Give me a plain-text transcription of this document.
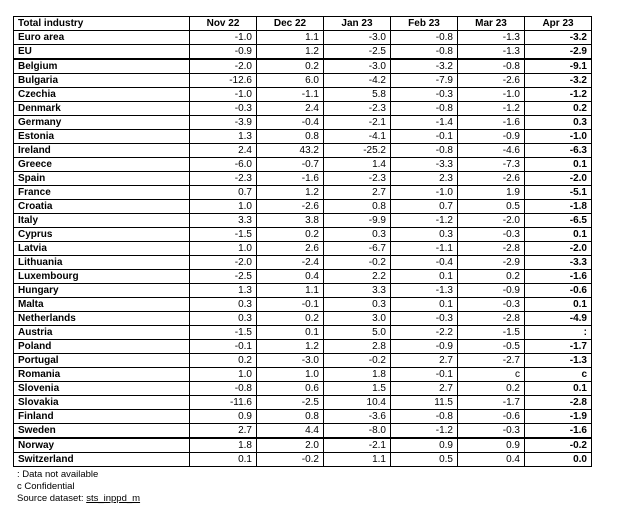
Total industry	Nov 22	Dec 22	Jan 23	Feb 23	Mar 23	Apr 23
Euro area	-1.0	1.1	-3.0	-0.8	-1.3	-3.2
EU	-0.9	1.2	-2.5	-0.8	-1.3	-2.9
Belgium	-2.0	0.2	-3.0	-3.2	-0.8	-9.1
Bulgaria	-12.6	6.0	-4.2	-7.9	-2.6	-3.2
Czechia	-1.0	-1.1	5.8	-0.3	-1.0	-1.2
Denmark	-0.3	2.4	-2.3	-0.8	-1.2	0.2
Germany	-3.9	-0.4	-2.1	-1.4	-1.6	0.3
Estonia	1.3	0.8	-4.1	-0.1	-0.9	-1.0
Ireland	2.4	43.2	-25.2	-0.8	-4.6	-6.3
Greece	-6.0	-0.7	1.4	-3.3	-7.3	0.1
Spain	-2.3	-1.6	-2.3	2.3	-2.6	-2.0
France	0.7	1.2	2.7	-1.0	1.9	-5.1
Croatia	1.0	-2.6	0.8	0.7	0.5	-1.8
Italy	3.3	3.8	-9.9	-1.2	-2.0	-6.5
Cyprus	-1.5	0.2	0.3	0.3	-0.3	0.1
Latvia	1.0	2.6	-6.7	-1.1	-2.8	-2.0
Lithuania	-2.0	-2.4	-0.2	-0.4	-2.9	-3.3
Luxembourg	-2.5	0.4	2.2	0.1	0.2	-1.6
Hungary	1.3	1.1	3.3	-1.3	-0.9	-0.6
Malta	0.3	-0.1	0.3	0.1	-0.3	0.1
Netherlands	0.3	0.2	3.0	-0.3	-2.8	-4.9
Austria	-1.5	0.1	5.0	-2.2	-1.5	:
Poland	-0.1	1.2	2.8	-0.9	-0.5	-1.7
Portugal	0.2	-3.0	-0.2	2.7	-2.7	-1.3
Romania	1.0	1.0	1.8	-0.1	c	c
Slovenia	-0.8	0.6	1.5	2.7	0.2	0.1
Slovakia	-11.6	-2.5	10.4	11.5	-1.7	-2.8
Finland	0.9	0.8	-3.6	-0.8	-0.6	-1.9
Sweden	2.7	4.4	-8.0	-1.2	-0.3	-1.6
Norway	1.8	2.0	-2.1	0.9	0.9	-0.2
Switzerland	0.1	-0.2	1.1	0.5	0.4	0.0
: Data not available
c Confidential
Source dataset: sts_inppd_m
